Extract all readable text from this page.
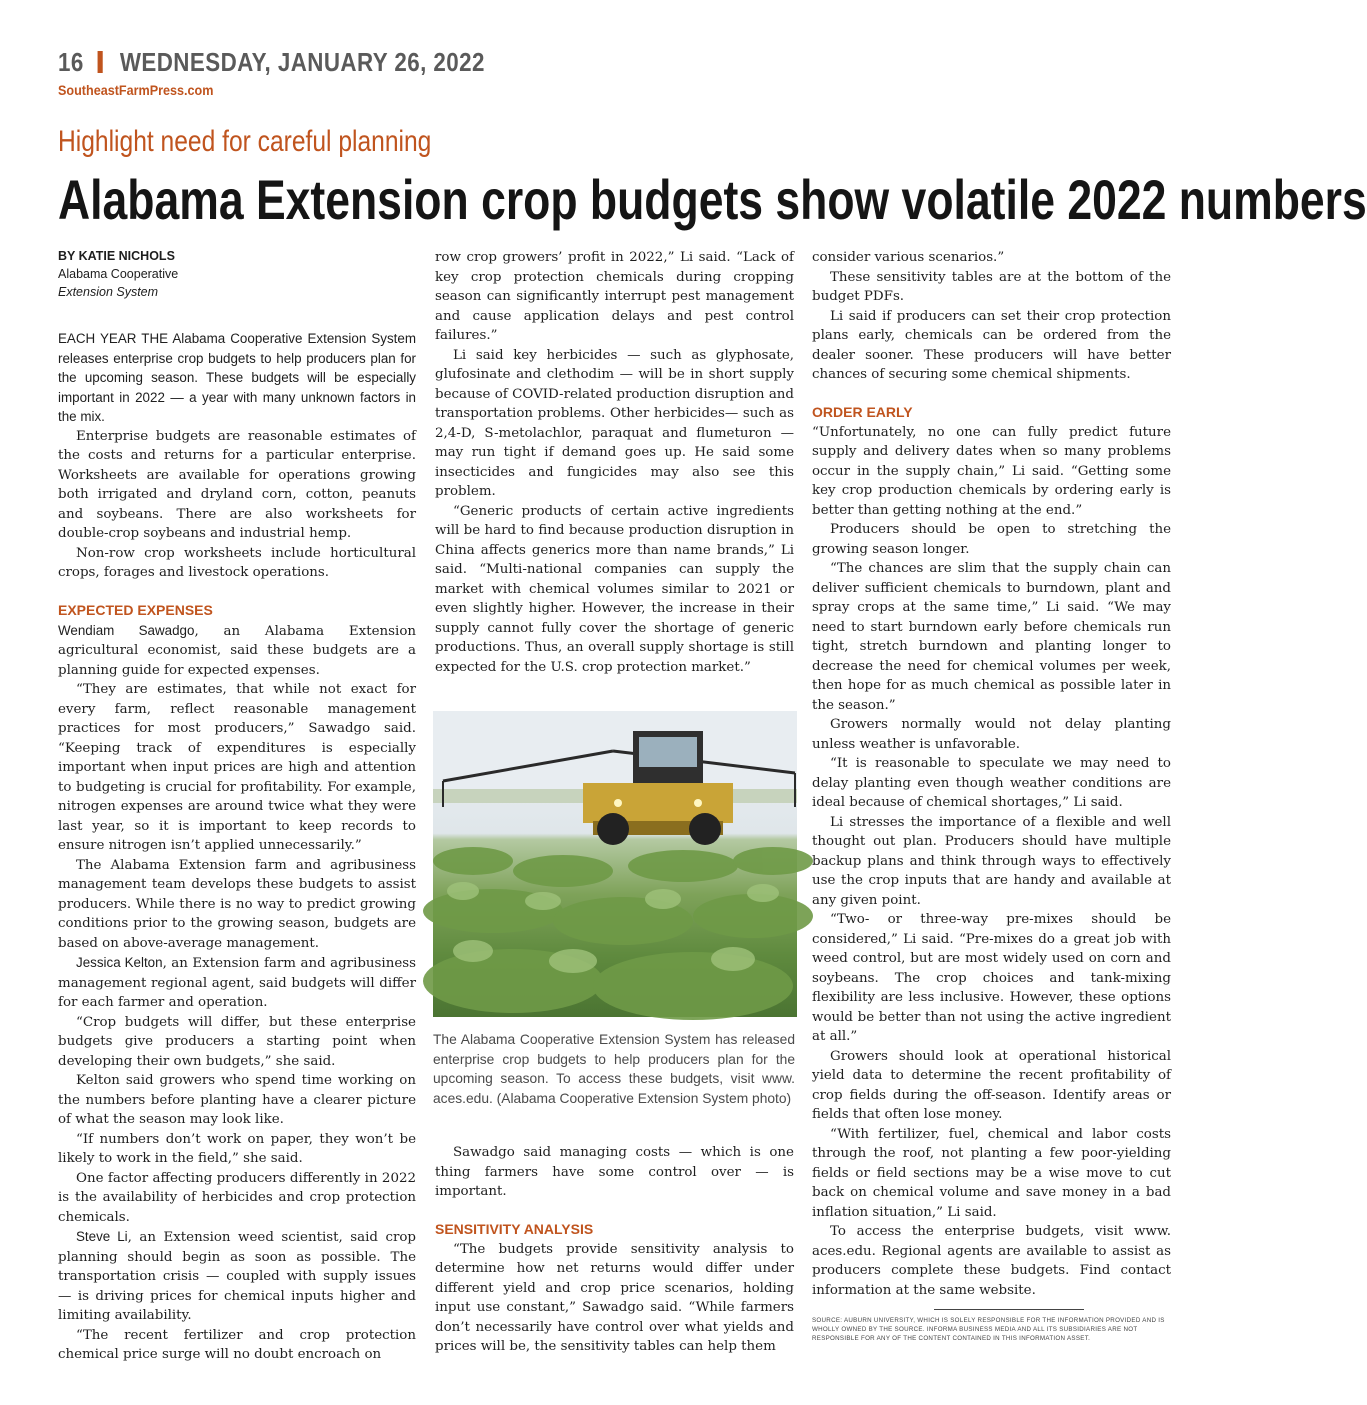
16 WEDNESDAY, JANUARY 26, 2022
SoutheastFarmPress.com
Highlight need for careful planning
Alabama Extension crop budgets show volatile 2022 numbers
BY KATIE NICHOLS
Alabama Cooperative
Extension System

EACH YEAR THE Alabama Cooperative Extension System releases enterprise crop budgets to help producers plan for the upcoming season. These budgets will be especially important in 2022 — a year with many unknown factors in the mix.

Enterprise budgets are reasonable estimates of the costs and returns for a particular enterprise. Worksheets are available for operations growing both irrigated and dryland corn, cotton, peanuts and soybeans. There are also worksheets for double-crop soybeans and industrial hemp.

Non-row crop worksheets include horticultural crops, forages and livestock operations.

EXPECTED EXPENSES

Wendiam Sawadgo, an Alabama Extension agricultural economist, said these budgets are a planning guide for expected expenses.

“They are estimates, that while not exact for every farm, reflect reasonable management practices for most producers,” Sawadgo said. “Keeping track of expenditures is especially important when input prices are high and attention to budgeting is crucial for profitability. For example, nitrogen expenses are around twice what they were last year, so it is important to keep records to ensure nitrogen isn’t applied unnecessarily.”

The Alabama Extension farm and agribusiness management team develops these budgets to assist producers. While there is no way to predict growing conditions prior to the growing season, budgets are based on above-average management.

Jessica Kelton, an Extension farm and agribusiness management regional agent, said budgets will differ for each farmer and operation.

“Crop budgets will differ, but these enterprise budgets give producers a starting point when developing their own budgets,” she said.

Kelton said growers who spend time working on the numbers before planting have a clearer picture of what the season may look like.

“If numbers don’t work on paper, they won’t be likely to work in the field,” she said.

One factor affecting producers differently in 2022 is the availability of herbicides and crop protection chemicals.

Steve Li, an Extension weed scientist, said crop planning should begin as soon as possible. The transportation crisis — coupled with supply issues — is driving prices for chemical inputs higher and limiting availability.

“The recent fertilizer and crop protection chemical price surge will no doubt encroach on

row crop growers’ profit in 2022,” Li said. “Lack of key crop protection chemicals during cropping season can significantly interrupt pest management and cause application delays and pest control failures.”

Li said key herbicides — such as glyphosate, glufosinate and clethodim — will be in short supply because of COVID-related production disruption and transportation problems. Other herbicides— such as 2,4-D, S-metolachlor, paraquat and flumeturon — may run tight if demand goes up. He said some insecticides and fungicides may also see this problem.

“Generic products of certain active ingredients will be hard to find because production disruption in China affects generics more than name brands,” Li said. “Multi-national companies can supply the market with chemical volumes similar to 2021 or even slightly higher. However, the increase in their supply cannot fully cover the shortage of generic productions. Thus, an overall supply shortage is still expected for the U.S. crop protection market.”

The Alabama Cooperative Extension System has released enterprise crop budgets to help producers plan for the upcoming season. To access these budgets, visit www. aces.edu. (Alabama Cooperative Extension System photo)

Sawadgo said managing costs — which is one thing farmers have some control over — is important.

SENSITIVITY ANALYSIS

“The budgets provide sensitivity analysis to determine how net returns would differ under different yield and crop price scenarios, holding input use constant,” Sawadgo said. “While farmers don’t necessarily have control over what yields and prices will be, the sensitivity tables can help them

consider various scenarios.”

These sensitivity tables are at the bottom of the budget PDFs.

Li said if producers can set their crop protection plans early, chemicals can be ordered from the dealer sooner. These producers will have better chances of securing some chemical shipments.

ORDER EARLY

“Unfortunately, no one can fully predict future supply and delivery dates when so many problems occur in the supply chain,” Li said. “Getting some key crop production chemicals by ordering early is better than getting nothing at the end.”

Producers should be open to stretching the growing season longer.

“The chances are slim that the supply chain can deliver sufficient chemicals to burndown, plant and spray crops at the same time,” Li said. “We may need to start burndown early before chemicals run tight, stretch burndown and planting longer to decrease the need for chemical volumes per week, then hope for as much chemical as possible later in the season.”

Growers normally would not delay planting unless weather is unfavorable.

“It is reasonable to speculate we may need to delay planting even though weather conditions are ideal because of chemical shortages,” Li said.

Li stresses the importance of a flexible and well thought out plan. Producers should have multiple backup plans and think through ways to effectively use the crop inputs that are handy and available at any given point.

“Two- or three-way pre-mixes should be considered,” Li said. “Pre-mixes do a great job with weed control, but are most widely used on corn and soybeans. The crop choices and tank-mixing flexibility are less inclusive. However, these options would be better than not using the active ingredient at all.”

Growers should look at operational historical yield data to determine the recent profitability of crop fields during the off-season. Identify areas or fields that often lose money.

“With fertilizer, fuel, chemical and labor costs through the roof, not planting a few poor-yielding fields or field sections may be a wise move to cut back on chemical volume and save money in a bad inflation situation,” Li said.

To access the enterprise budgets, visit www. aces.edu. Regional agents are available to assist as producers complete these budgets. Find contact information at the same website.

SOURCE: AUBURN UNIVERSITY, WHICH IS SOLELY RESPONSIBLE FOR THE INFORMATION PROVIDED AND IS WHOLLY OWNED BY THE SOURCE. INFORMA BUSINESS MEDIA AND ALL ITS SUBSIDIARIES ARE NOT RESPONSIBLE FOR ANY OF THE CONTENT CONTAINED IN THIS INFORMATION ASSET.
